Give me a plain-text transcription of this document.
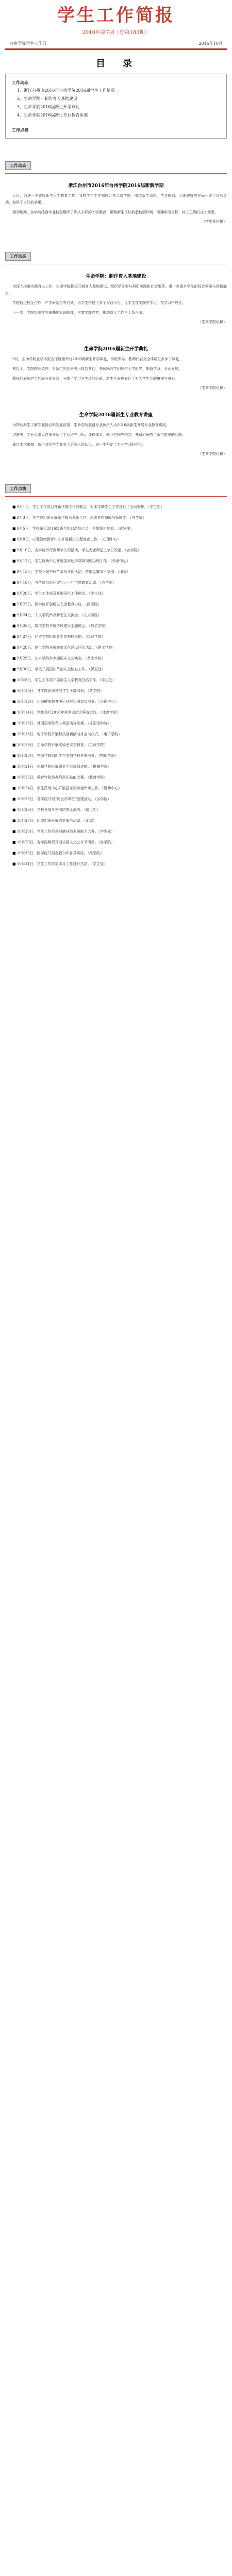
学生工作简报
2016年第7期（总第183期）
台州学院学生工作部	2016年10月
目　录
工作动态
1、浙江台州市2016年台州学院2016届学生工作情况
2、生命学院：制作育人基地建设
3、生命学院2016届新生开学典礼
4、生命学院2016届新生专业教育讲座
工作点滴
工作动态
浙江台州市2016年台州学院2016届新新学期

近日，为进一步做好新生入学教育工作，我校学生工作部联合各二级学院，围绕新生适应、学业规划、心理健康等方面开展了系列活动，取得了良好的效果。

活动期间，各学院结合专业特色组织了形式多样的入学教育，帮助新生尽快熟悉校园环境，明确学习目标，树立正确的成才观念。

（学生处供稿）
工作动态
生命学院：制作育人基地建设

为深入推进实践育人工作，生命学院积极开展育人基地建设，组织学生参与科研实践和社会服务，进一步提升学生的综合素质与创新能力。

学院通过校企合作、产学研结合等方式，为学生搭建了多个实践平台，让学生在实践中学习，在学习中成长。

下一步，学院将继续完善基地管理制度，丰富实践内容，推动育人工作再上新台阶。

（生命学院供稿）
生命学院2016届新生开学典礼

9月，生命学院在学术报告厅隆重举行2016级新生开学典礼，学院领导、教师代表及全体新生参加了典礼。

典礼上，学院院长致辞，对新生的到来表示热烈欢迎，并勉励同学们珍惜大学时光，勤奋学习，全面发展。

教师代表和老生代表分别发言，分享了学习与生活的经验，新生代表也表达了对大学生活的憧憬与决心。

（生命学院供稿）
生命学院2016届新生专业教育讲座

为帮助新生了解专业特点和发展前景，生命学院邀请专业负责人为2016级新生开展专业教育讲座。

讲座中，专业负责人详细介绍了专业培养目标、课程体系、就业方向等内容，并耐心解答了新生提出的问题。

通过本次讲座，新生对所学专业有了更深入的认识，进一步坚定了专业学习的信心。

（生命学院供稿）
工作点滴

■ 9月1日，学生工作部召开新学期工作部署会，对本学期学生工作进行了全面安排。（学生处）

■ 9月3日，各学院组织开展新生报到迎新工作，志愿者热情服务新同学。（各学院）

■ 9月5日，学校举行2016级新生军训动员大会，全体新生参加。（武装部）

■ 9月8日，心理健康教育中心开展新生心理普查工作。（心理中心）

■ 9月10日，各学院举行教师节庆祝活动，学生为老师送上节日祝福。（各学院）

■ 9月12日，学生资助中心开展国家助学贷款现场办理工作。（资助中心）

■ 9月15日，学校开展中秋节系列文化活动，营造温馨节日氛围。（团委）

■ 9月18日，各学院组织开展“九一八”主题教育活动。（各学院）

■ 9月20日，学生工作部召开辅导员工作例会。（学生处）

■ 9月22日，医学院开展新生安全教育讲座。（医学院）

■ 9月24日，人文学院举办新老生交流会。（人文学院）

■ 9月26日，数信学院开展学风建设主题班会。（数信学院）

■ 9月27日，经贸学院组织新生参观校史馆。（经贸学院）

■ 9月28日，建工学院开展寝室文化建设评比活动。（建工学院）

■ 9月29日，艺术学院举办迎国庆文艺晚会。（艺术学院）

■ 9月30日，学校开展国庆节前安全检查工作。（保卫处）

■ 10月8日，学生工作部开展新生入学教育总结工作。（学生处）

■ 10月10日，各学院组织开展学生干部培训。（各学院）

■ 10月12日，心理健康教育中心开展心理委员培训。（心理中心）

■ 10月14日，学校举行2016年秋季运动会筹备会议。（体育学院）

■ 10月16日，外国语学院举办英语演讲比赛。（外国语学院）

■ 10月18日，电子学院开展科技创新活动月启动仪式。（电子学院）

■ 10月19日，生命学院开展实验室安全教育。（生命学院）

■ 10月20日，物理学院组织学生参加学科竞赛培训。（物理学院）

■ 10月21日，机械学院开展职业生涯规划讲座。（机械学院）

■ 10月22日，教育学院举办师范生技能大赛。（教育学院）

■ 10月24日，学生资助中心开展国家奖学金评审工作。（资助中心）

■ 10月25日，各学院开展“优良学风班”创建活动。（各学院）

■ 10月26日，学校开展冬季消防安全演练。（保卫处）

■ 10月27日，团委组织开展志愿服务活动。（团委）

■ 10月28日，学生工作部开展辅导员素质能力大赛。（学生处）

■ 10月29日，各学院组织开展校园文化艺术节活动。（各学院）

■ 10月30日，医学院开展急救知识普及讲座。（医学院）

■ 10月31日，学生工作部对本月工作进行总结。（学生处）
